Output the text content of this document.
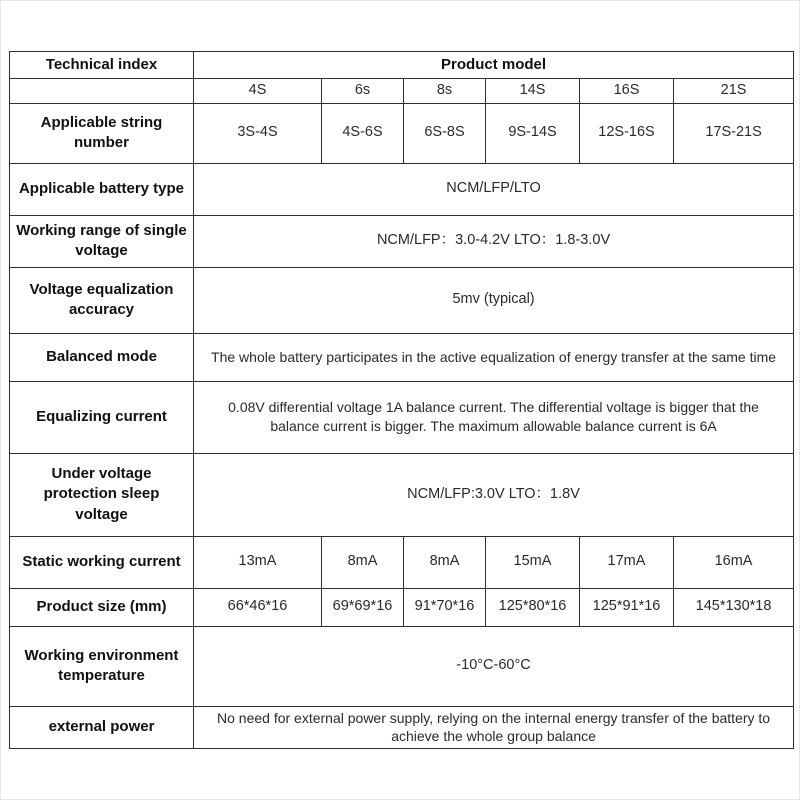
Technical index	Product model					
	4S	6s	8s	14S	16S	21S
Applicable string number	3S-4S	4S-6S	6S-8S	9S-14S	12S-16S	17S-21S
Applicable battery type	NCM/LFP/LTO					
Working range of single voltage	NCM/LFP：3.0-4.2V LTO：1.8-3.0V					
Voltage equalization accuracy	5mv (typical)					
Balanced mode	The whole battery participates in the active equalization of energy transfer at the same time					
Equalizing current	0.08V differential voltage 1A balance current. The differential voltage is bigger that the balance current is bigger. The maximum allowable balance current is 6A					
Under voltage protection sleep voltage	NCM/LFP:3.0V LTO：1.8V					
Static working current	13mA	8mA	8mA	15mA	17mA	16mA
Product size (mm)	66*46*16	69*69*16	91*70*16	125*80*16	125*91*16	145*130*18
Working environment temperature	-10°C-60°C					
external power	No need for external power supply, relying on the internal energy transfer of the battery to achieve the whole group balance					
